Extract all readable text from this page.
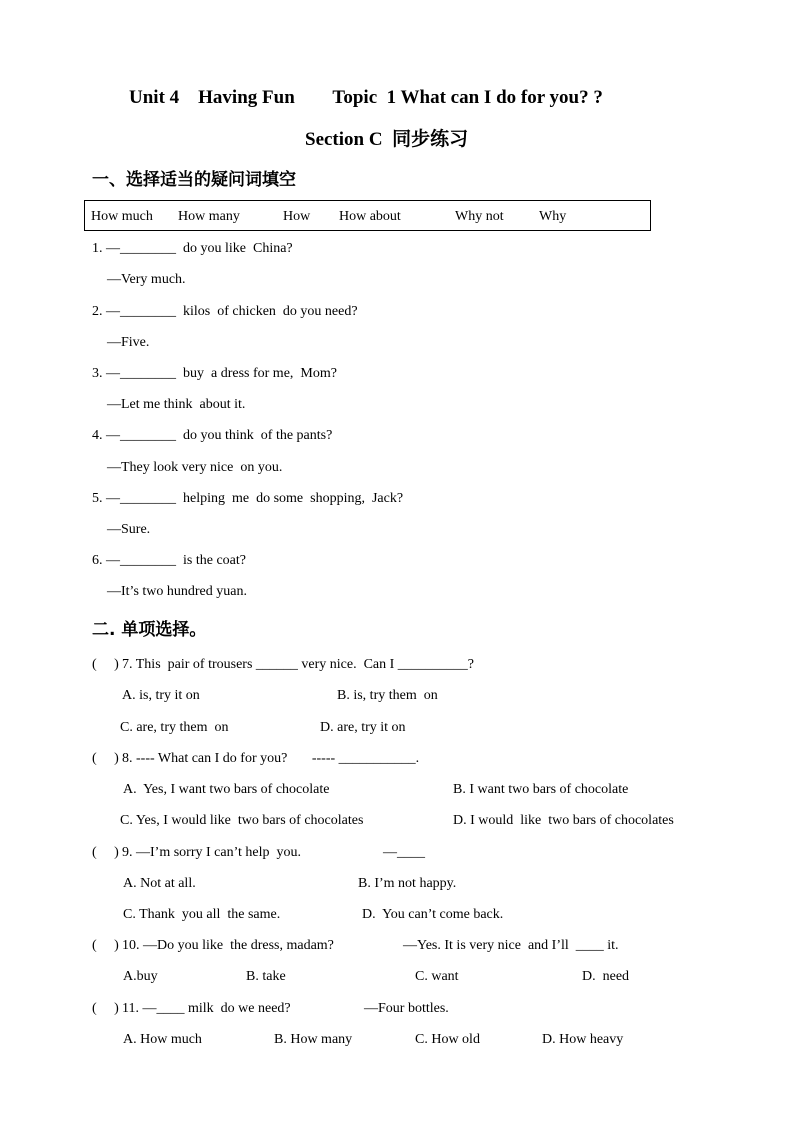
Unit 4    Having Fun        Topic  1 What can I do for you? ?
Section C  同步练习
一、选择适当的疑问词填空
How much How many	How How about	Why not	Why
1. —________  do you like  China?
—Very much.
2. —________  kilos  of chicken  do you need?
—Five.
3. —________  buy  a dress for me,  Mom?
—Let me think  about it.
4. —________  do you think  of the pants?
—They look very nice  on you.
5. —________  helping  me  do some  shopping,  Jack?
—Sure.
6. —________  is the coat?
—It’s two hundred yuan.
二. 单项选择。
(     ) 7. This  pair of trousers ______ very nice.  Can I __________?
A. is, try it on	B. is, try them  on
C. are, try them  on	D. are, try it on
(     ) 8. ---- What can I do for you?       ----- ___________.
A.  Yes, I want two bars of chocolate	B. I want two bars of chocolate
C. Yes, I would like  two bars of chocolates	D. I would  like  two bars of chocolates
(     ) 9. —I’m sorry I can’t help  you.	—____
A. Not at all.	B. I’m not happy.
C. Thank  you all  the same.	D.  You can’t come back.
(     ) 10. —Do you like  the dress, madam?	—Yes. It is very nice  and I’ll  ____ it.
A.buy	B. take	C. want	D.  need
(     ) 11. —____ milk  do we need?	—Four bottles.
A. How much	B. How many	C. How old	D. How heavy
